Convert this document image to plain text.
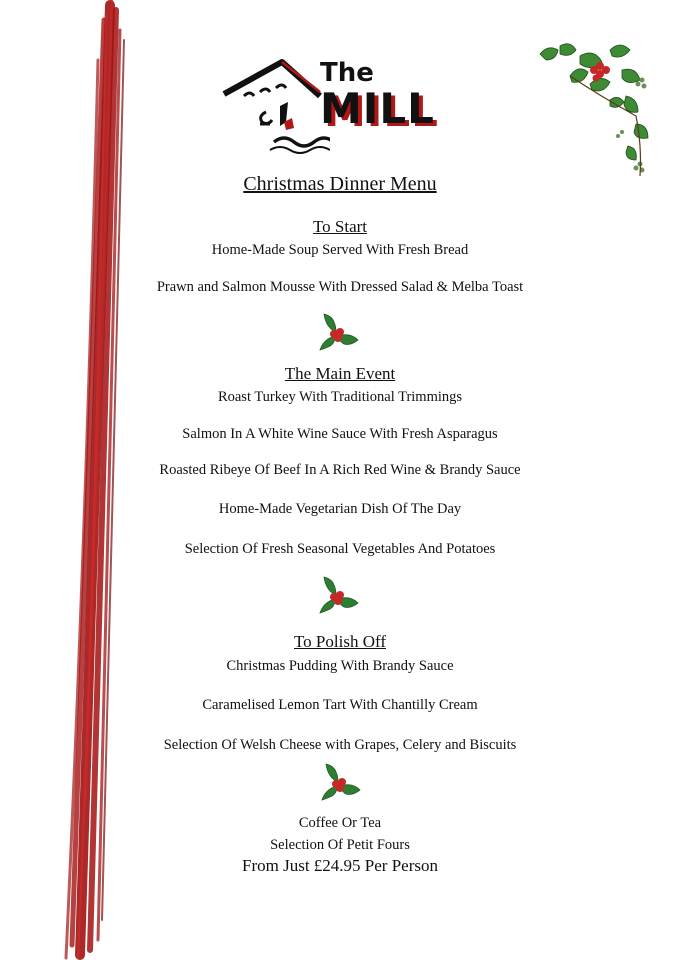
The
MILL
Christmas Dinner Menu
To Start
Home-Made Soup Served With Fresh Bread
Prawn and Salmon Mousse With Dressed Salad & Melba Toast
The Main Event
Roast Turkey With Traditional Trimmings
Salmon In A White Wine Sauce With Fresh Asparagus
Roasted Ribeye Of Beef In A Rich Red Wine & Brandy Sauce
Home-Made Vegetarian Dish Of The Day
Selection Of Fresh Seasonal Vegetables And Potatoes
To Polish Off
Christmas Pudding With Brandy Sauce
Caramelised Lemon Tart With Chantilly Cream
Selection Of Welsh Cheese with Grapes, Celery and Biscuits
Coffee Or Tea
Selection Of Petit Fours
From Just £24.95 Per Person
